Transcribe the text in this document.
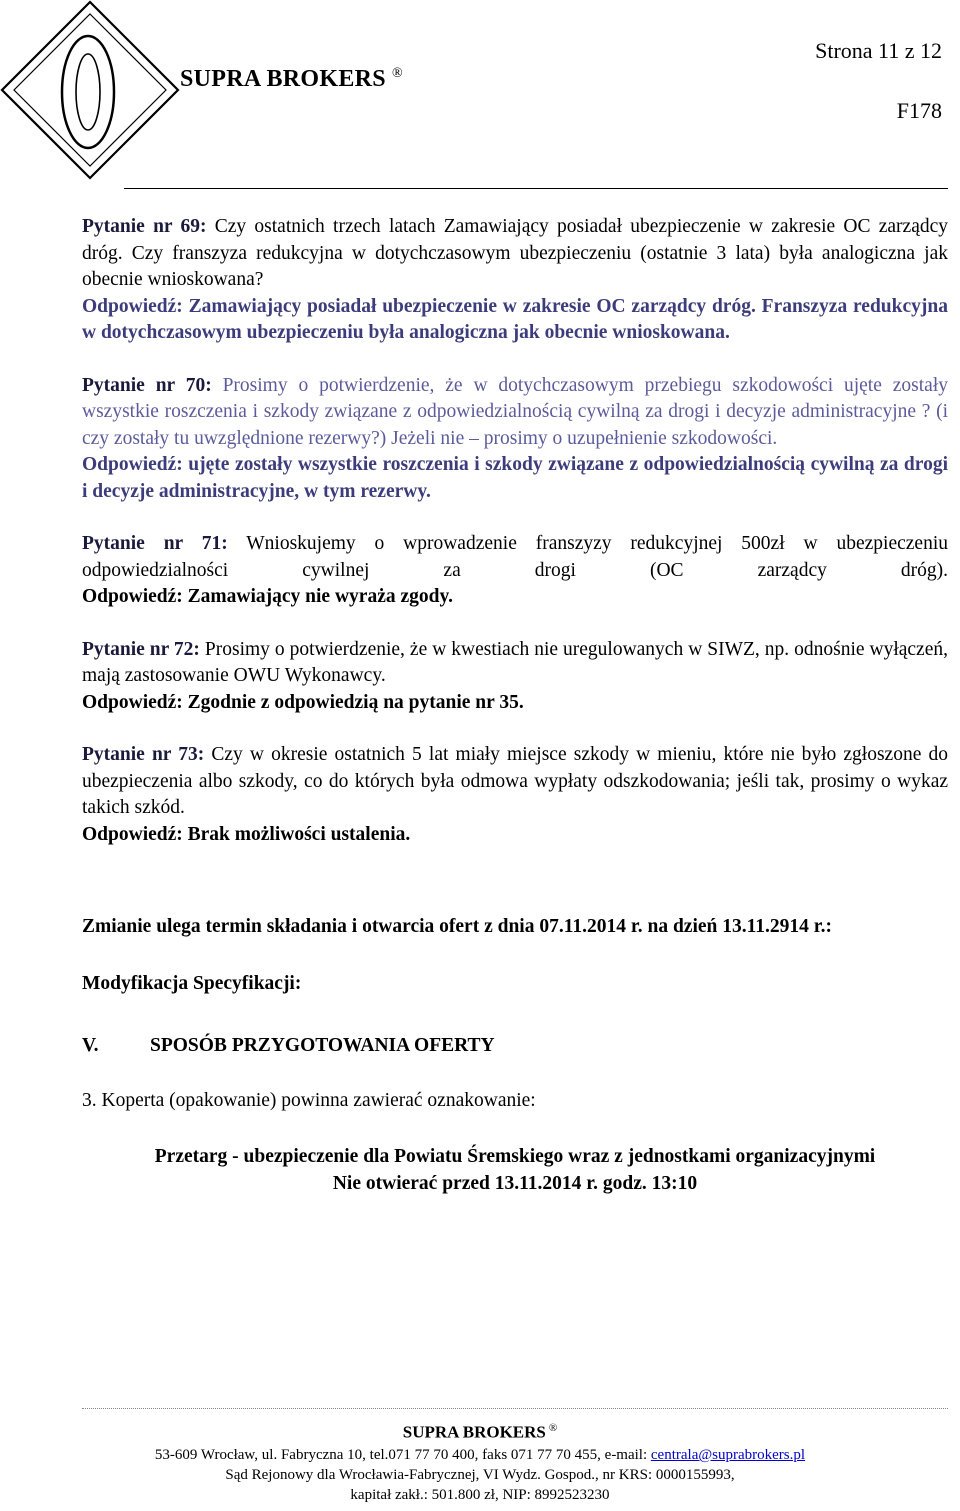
Strona 11 z 12
SUPRA BROKERS ®
F178

Pytanie nr 69: Czy ostatnich trzech latach Zamawiający posiadał ubezpieczenie w zakresie OC zarządcy dróg. Czy franszyza redukcyjna w dotychczasowym ubezpieczeniu (ostatnie 3 lata) była analogiczna jak obecnie wnioskowana?

Odpowiedź: Zamawiający posiadał ubezpieczenie w zakresie OC zarządcy dróg. Franszyza redukcyjna w dotychczasowym ubezpieczeniu była analogiczna jak obecnie wnioskowana.

Pytanie nr 70: Prosimy o potwierdzenie, że w dotychczasowym przebiegu szkodowości ujęte zostały wszystkie roszczenia i szkody związane z odpowiedzialnością cywilną za drogi i decyzje administracyjne ? (i czy zostały tu uwzględnione rezerwy?) Jeżeli nie – prosimy o uzupełnienie szkodowości.

Odpowiedź: ujęte zostały wszystkie roszczenia i szkody związane z odpowiedzialnością cywilną za drogi i decyzje administracyjne, w tym rezerwy.

Pytanie nr 71: Wnioskujemy o wprowadzenie franszyzy redukcyjnej 500zł w ubezpieczeniu odpowiedzialności cywilnej za drogi (OC zarządcy dróg).

Odpowiedź: Zamawiający nie wyraża zgody.

Pytanie nr 72: Prosimy o potwierdzenie, że w kwestiach nie uregulowanych w SIWZ, np. odnośnie wyłączeń, mają zastosowanie OWU Wykonawcy.

Odpowiedź: Zgodnie z odpowiedzią na pytanie nr 35.

Pytanie nr 73: Czy w okresie ostatnich 5 lat miały miejsce szkody w mieniu, które nie było zgłoszone do ubezpieczenia albo szkody, co do których była odmowa wypłaty odszkodowania; jeśli tak, prosimy o wykaz takich szkód.

Odpowiedź: Brak możliwości ustalenia.

Zmianie ulega termin składania i otwarcia ofert z dnia 07.11.2014 r. na dzień 13.11.2914 r.:

Modyfikacja Specyfikacji:

V.	SPOSÓB PRZYGOTOWANIA OFERTY

3. Koperta (opakowanie) powinna zawierać oznakowanie:

Przetarg - ubezpieczenie dla Powiatu Śremskiego wraz z jednostkami organizacyjnymi
Nie otwierać przed 13.11.2014 r. godz. 13:10
SUPRA BROKERS ®
53-609 Wrocław, ul. Fabryczna 10, tel.071 77 70 400, faks 071 77 70 455, e-mail: centrala@suprabrokers.pl
Sąd Rejonowy dla Wrocławia-Fabrycznej, VI Wydz. Gospod., nr KRS: 0000155993,
kapitał zakł.: 501.800 zł, NIP: 8992523230
